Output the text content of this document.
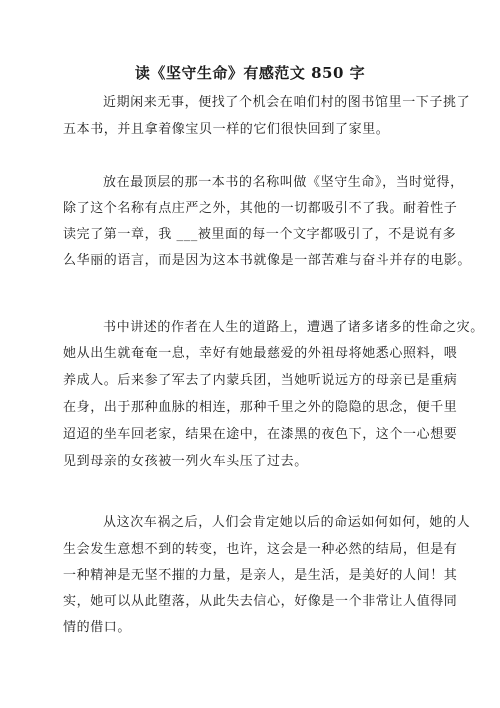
读《坚守生命》有感范文 850 字
近期闲来无事，便找了个机会在咱们村的图书馆里一下子挑了
五本书，并且拿着像宝贝一样的它们很快回到了家里。
放在最顶层的那一本书的名称叫做《坚守生命》，当时觉得，
除了这个名称有点庄严之外，其他的一切都吸引不了我。耐着性子
读完了第一章，我 ___被里面的每一个文字都吸引了，不是说有多
么华丽的语言，而是因为这本书就像是一部苦难与奋斗并存的电影。
书中讲述的作者在人生的道路上，遭遇了诸多诸多的性命之灾。
她从出生就奄奄一息，幸好有她最慈爱的外祖母将她悉心照料，喂
养成人。后来参了军去了内蒙兵团，当她听说远方的母亲已是重病
在身，出于那种血脉的相连，那种千里之外的隐隐的思念，便千里
迢迢的坐车回老家，结果在途中，在漆黑的夜色下，这个一心想要
见到母亲的女孩被一列火车头压了过去。
从这次车祸之后，人们会肯定她以后的命运如何如何，她的人
生会发生意想不到的转变，也许，这会是一种必然的结局，但是有
一种精神是无坚不摧的力量，是亲人，是生活，是美好的人间！其
实，她可以从此堕落，从此失去信心，好像是一个非常让人值得同
情的借口。
